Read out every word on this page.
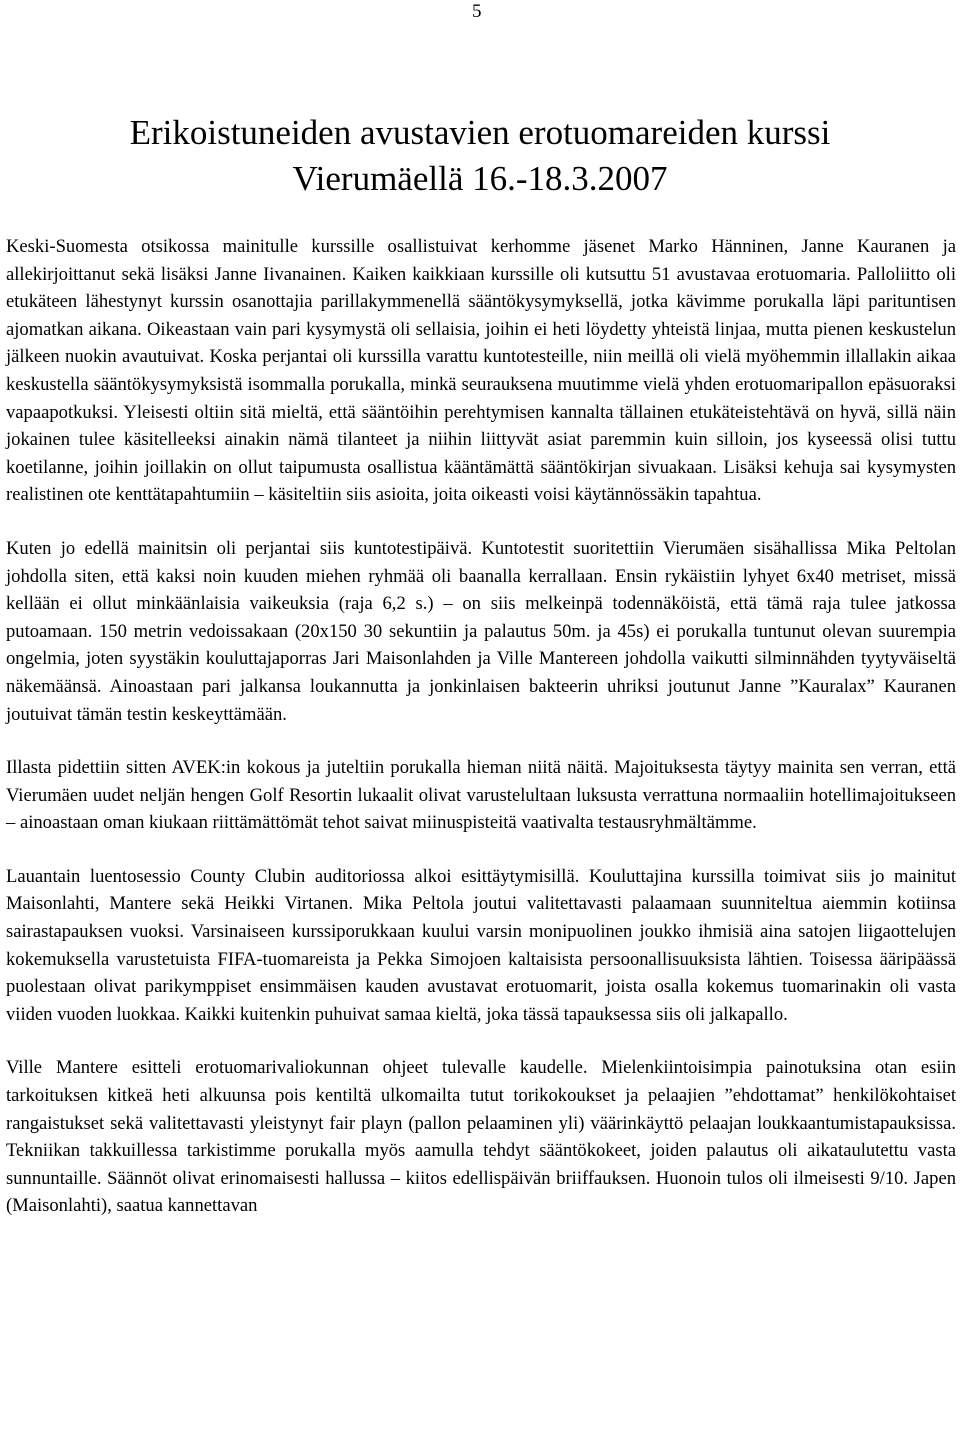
5
Erikoistuneiden avustavien erotuomareiden kurssi
Vierumäellä 16.-18.3.2007

Keski-Suomesta otsikossa mainitulle kurssille osallistuivat kerhomme jäsenet Marko Hänninen, Janne Kauranen ja allekirjoittanut sekä lisäksi Janne Iivanainen. Kaiken kaikkiaan kurssille oli kutsuttu 51 avustavaa erotuomaria. Palloliitto oli etukäteen lähestynyt kurssin osanottajia parillakymmenellä sääntökysymyksellä, jotka kävimme porukalla läpi parituntisen ajomatkan aikana. Oikeastaan vain pari kysymystä oli sellaisia, joihin ei heti löydetty yhteistä linjaa, mutta pienen keskustelun jälkeen nuokin avautuivat. Koska perjantai oli kurssilla varattu kuntotesteille, niin meillä oli vielä myöhemmin illallakin aikaa keskustella sääntökysymyksistä isommalla porukalla, minkä seurauksena muutimme vielä yhden erotuomaripallon epäsuoraksi vapaapotkuksi. Yleisesti oltiin sitä mieltä, että sääntöihin perehtymisen kannalta tällainen etukäteistehtävä on hyvä, sillä näin jokainen tulee käsitelleeksi ainakin nämä tilanteet ja niihin liittyvät asiat paremmin kuin silloin, jos kyseessä olisi tuttu koetilanne, joihin joillakin on ollut taipumusta osallistua kääntämättä sääntökirjan sivuakaan. Lisäksi kehuja sai kysymysten realistinen ote kenttätapahtumiin – käsiteltiin siis asioita, joita oikeasti voisi käytännössäkin tapahtua.

Kuten jo edellä mainitsin oli perjantai siis kuntotestipäivä. Kuntotestit suoritettiin Vierumäen sisähallissa Mika Peltolan johdolla siten, että kaksi noin kuuden miehen ryhmää oli baanalla kerrallaan. Ensin rykäistiin lyhyet 6x40 metriset, missä kellään ei ollut minkäänlaisia vaikeuksia (raja 6,2 s.) – on siis melkeinpä todennäköistä, että tämä raja tulee jatkossa putoamaan. 150 metrin vedoissakaan (20x150 30 sekuntiin ja palautus 50m. ja 45s) ei porukalla tuntunut olevan suurempia ongelmia, joten syystäkin kouluttajaporras Jari Maisonlahden ja Ville Mantereen johdolla vaikutti silminnähden tyytyväiseltä näkemäänsä. Ainoastaan pari jalkansa loukannutta ja jonkinlaisen bakteerin uhriksi joutunut Janne ”Kauralax” Kauranen joutuivat tämän testin keskeyttämään.

Illasta pidettiin sitten AVEK:in kokous ja juteltiin porukalla hieman niitä näitä. Majoituksesta täytyy mainita sen verran, että Vierumäen uudet neljän hengen Golf Resortin lukaalit olivat varustelultaan luksusta verrattuna normaaliin hotellimajoitukseen – ainoastaan oman kiukaan riittämättömät tehot saivat miinuspisteitä vaativalta testausryhmältämme.

Lauantain luentosessio County Clubin auditoriossa alkoi esittäytymisillä. Kouluttajina kurssilla toimivat siis jo mainitut Maisonlahti, Mantere sekä Heikki Virtanen. Mika Peltola joutui valitettavasti palaamaan suunniteltua aiemmin kotiinsa sairastapauksen vuoksi. Varsinaiseen kurssiporukkaan kuului varsin monipuolinen joukko ihmisiä aina satojen liigaottelujen kokemuksella varustetuista FIFA-tuomareista ja Pekka Simojoen kaltaisista persoonallisuuksista lähtien. Toisessa ääripäässä puolestaan olivat parikymppiset ensimmäisen kauden avustavat erotuomarit, joista osalla kokemus tuomarinakin oli vasta viiden vuoden luokkaa. Kaikki kuitenkin puhuivat samaa kieltä, joka tässä tapauksessa siis oli jalkapallo.

Ville Mantere esitteli erotuomarivaliokunnan ohjeet tulevalle kaudelle. Mielenkiintoisimpia painotuksina otan esiin tarkoituksen kitkeä heti alkuunsa pois kentiltä ulkomailta tutut torikokoukset ja pelaajien ”ehdottamat” henkilökohtaiset rangaistukset sekä valitettavasti yleistynyt fair playn (pallon pelaaminen yli) väärinkäyttö pelaajan loukkaantumistapauksissa. Tekniikan takkuillessa tarkistimme porukalla myös aamulla tehdyt sääntökokeet, joiden palautus oli aikataulutettu vasta sunnuntaille. Säännöt olivat erinomaisesti hallussa – kiitos edellispäivän briiffauksen. Huonoin tulos oli ilmeisesti 9/10. Japen (Maisonlahti), saatua kannettavan
